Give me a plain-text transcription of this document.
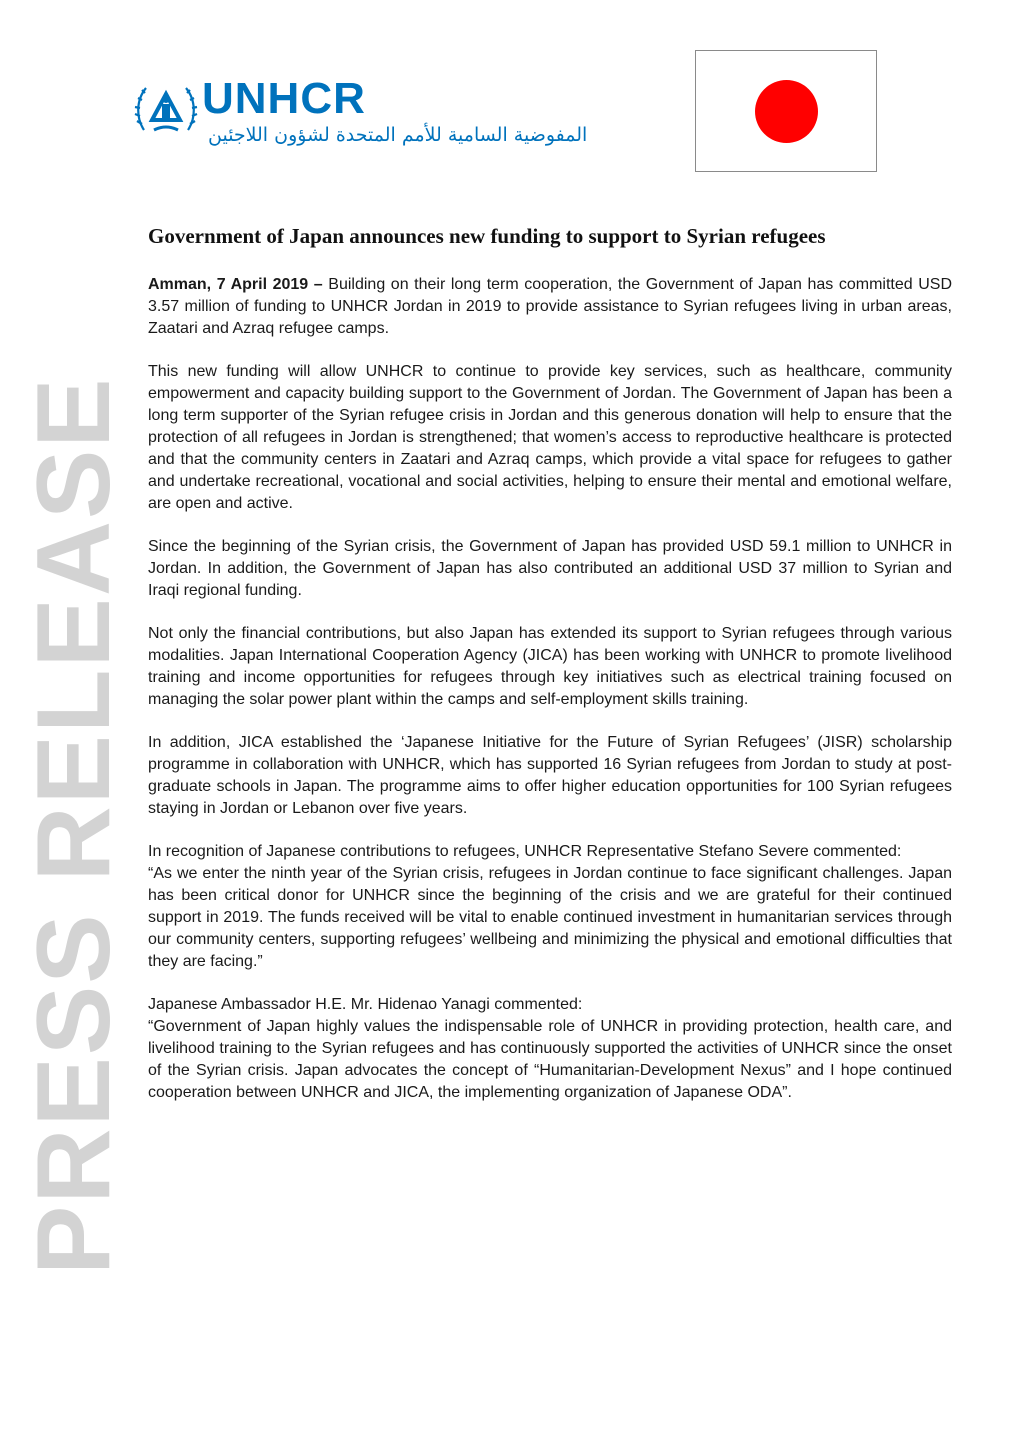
UNHCR
المفوضية السامية للأمم المتحدة لشؤون اللاجئين
PRESS RELEASE
Government of Japan announces new funding to support to Syrian refugees

Amman, 7 April 2019 – Building on their long term cooperation, the Government of Japan has committed USD 3.57 million of funding to UNHCR Jordan in 2019 to provide assistance to Syrian refugees living in urban areas, Zaatari and Azraq refugee camps.

This new funding will allow UNHCR to continue to provide key services, such as healthcare, community empowerment and capacity building support to the Government of Jordan. The Government of Japan has been a long term supporter of the Syrian refugee crisis in Jordan and this generous donation will help to ensure that the protection of all refugees in Jordan is strengthened; that women’s access to reproductive healthcare is protected and that the community centers in Zaatari and Azraq camps, which provide a vital space for refugees to gather and undertake recreational, vocational and social activities, helping to ensure their mental and emotional welfare, are open and active.

Since the beginning of the Syrian crisis, the Government of Japan has provided USD 59.1 million to UNHCR in Jordan. In addition, the Government of Japan has also contributed an additional USD 37 million to Syrian and Iraqi regional funding.

Not only the financial contributions, but also Japan has extended its support to Syrian refugees through various modalities. Japan International Cooperation Agency (JICA) has been working with UNHCR to promote livelihood training and income opportunities for refugees through key initiatives such as electrical training focused on managing the solar power plant within the camps and self-employment skills training.

In addition, JICA established the ‘Japanese Initiative for the Future of Syrian Refugees’ (JISR) scholarship programme in collaboration with UNHCR, which has supported 16 Syrian refugees from Jordan to study at post-graduate schools in Japan. The programme aims to offer higher education opportunities for 100 Syrian refugees staying in Jordan or Lebanon over five years.

In recognition of Japanese contributions to refugees, UNHCR Representative Stefano Severe commented:

“As we enter the ninth year of the Syrian crisis, refugees in Jordan continue to face significant challenges. Japan has been critical donor for UNHCR since the beginning of the crisis and we are grateful for their continued support in 2019. The funds received will be vital to enable continued investment in humanitarian services through our community centers, supporting refugees’ wellbeing and minimizing the physical and emotional difficulties that they are facing.”

Japanese Ambassador H.E. Mr. Hidenao Yanagi commented:

“Government of Japan highly values the indispensable role of UNHCR in providing protection, health care, and livelihood training to the Syrian refugees and has continuously supported the activities of UNHCR since the onset of the Syrian crisis. Japan advocates the concept of “Humanitarian-Development Nexus” and I hope continued cooperation between UNHCR and JICA, the implementing organization of Japanese ODA”.
